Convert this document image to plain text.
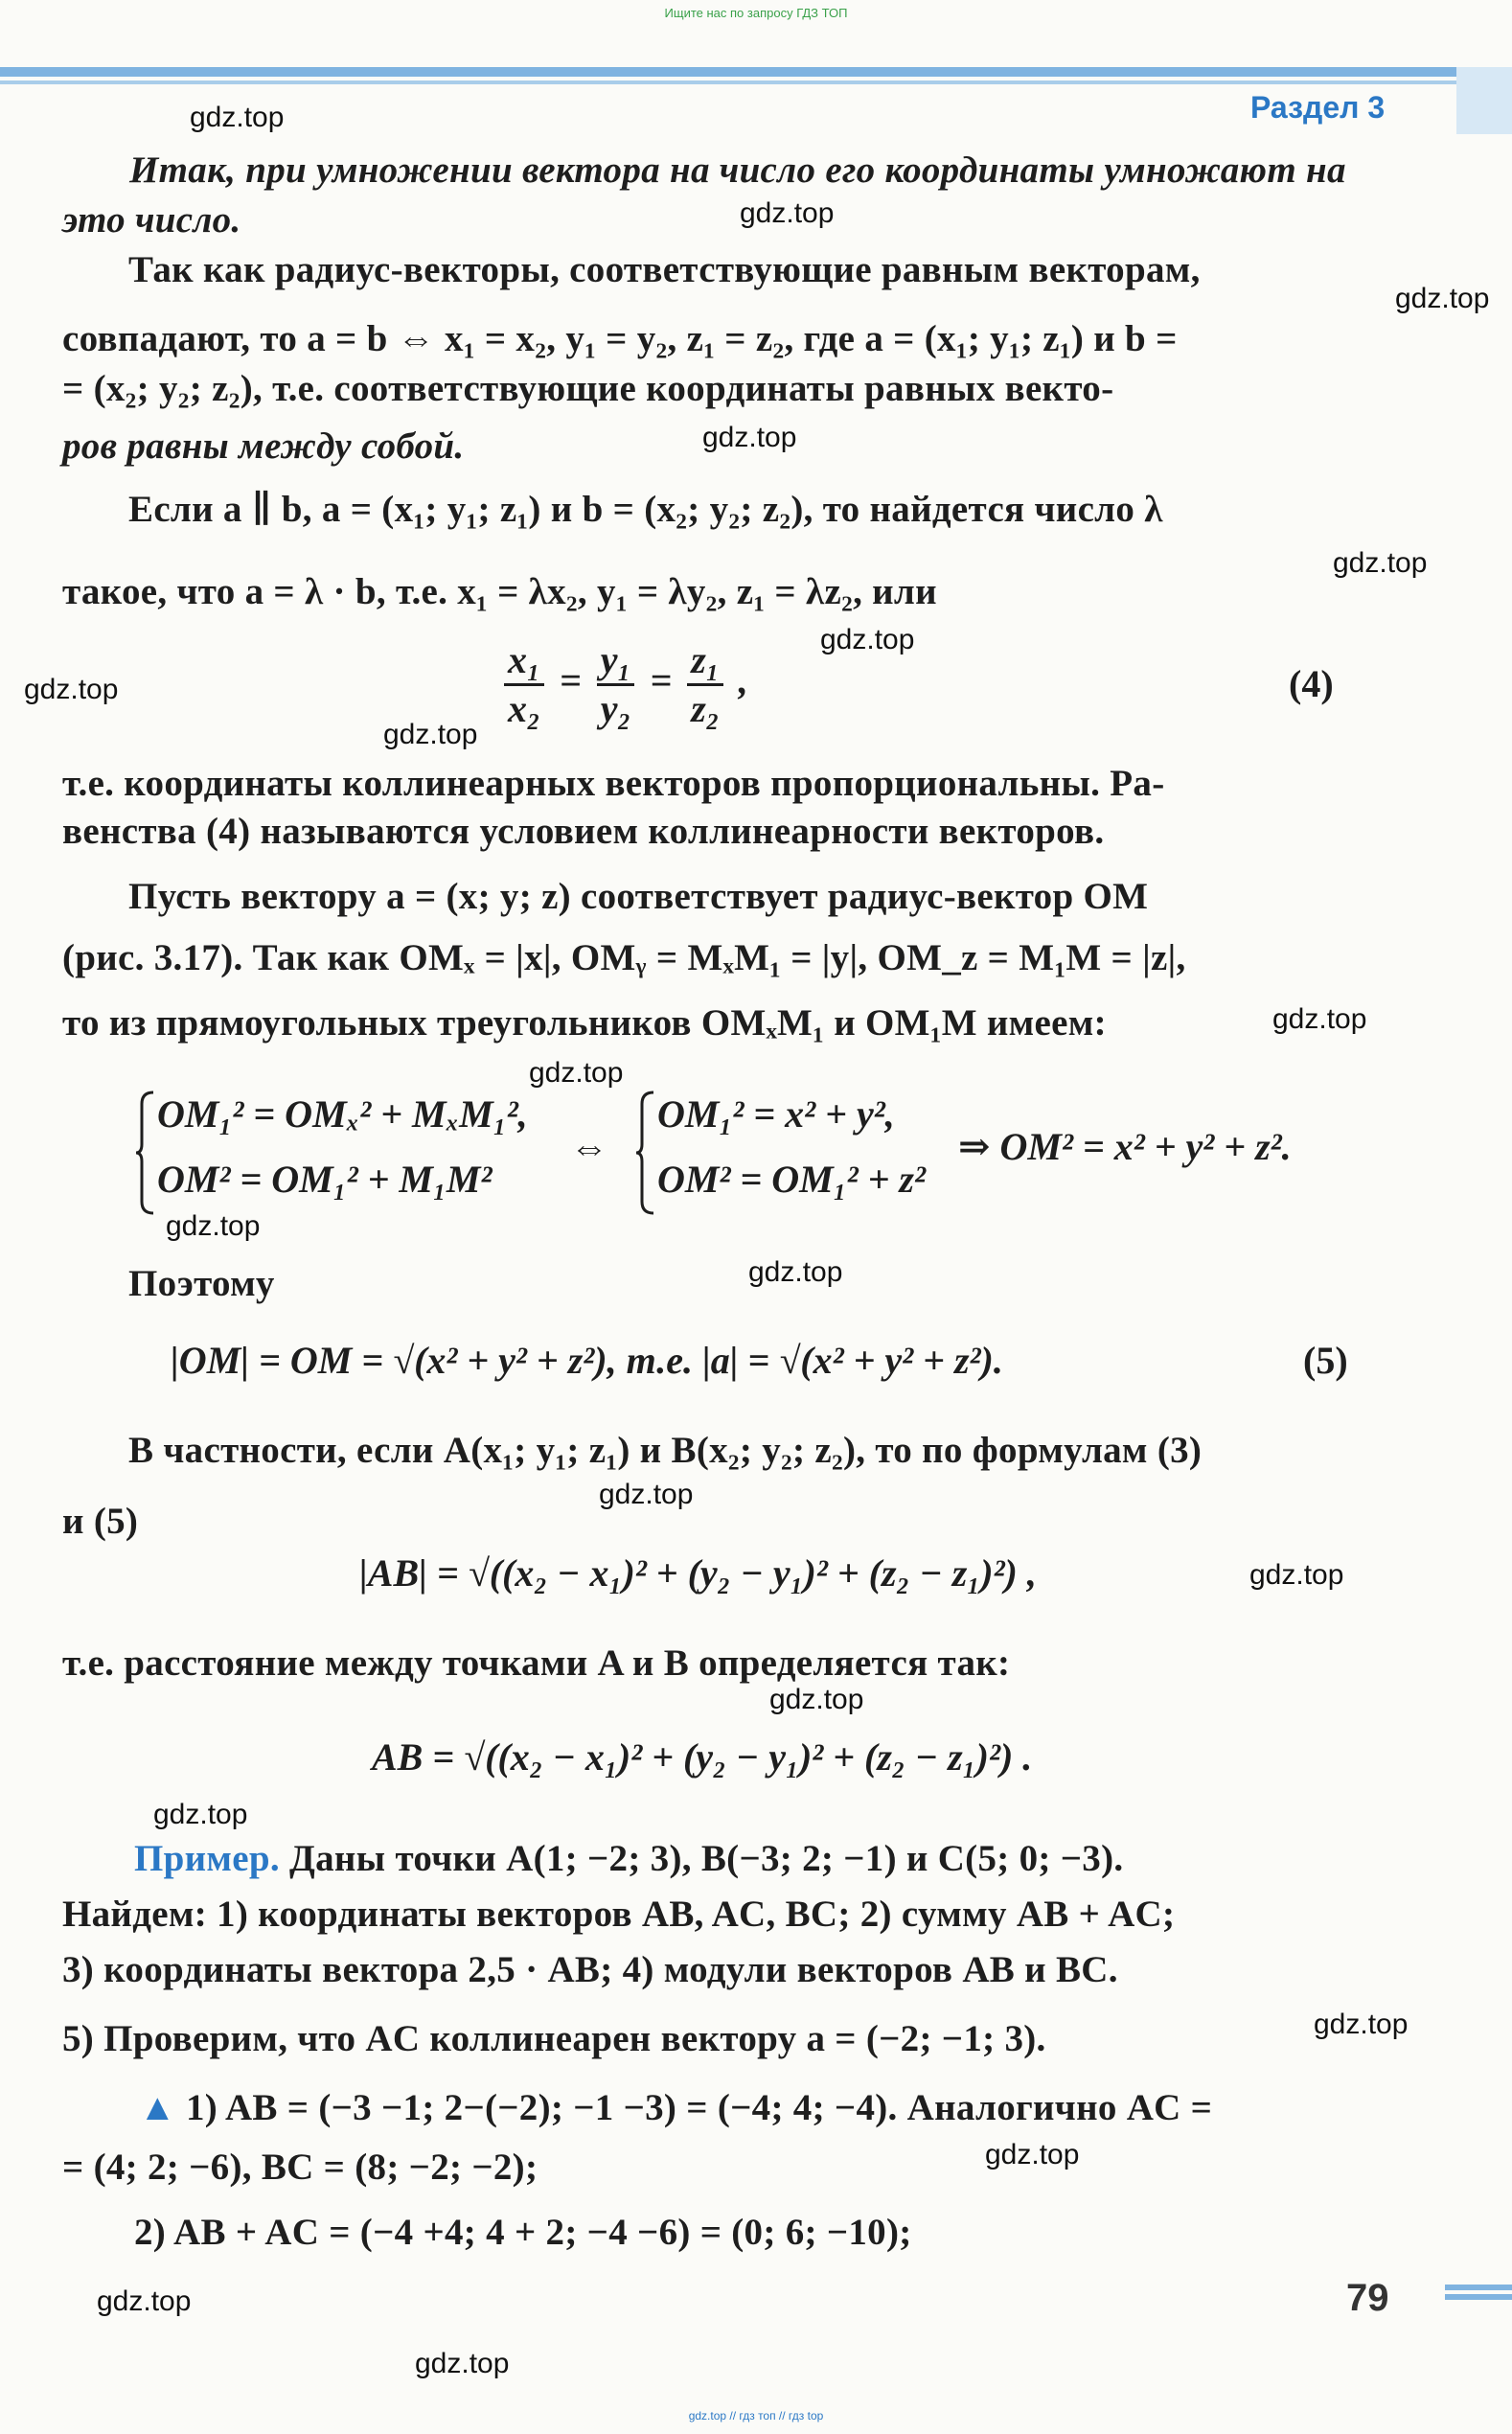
Ищите нас по запросу ГДЗ ТОП
Раздел 3
gdz.top
gdz.top
gdz.top
gdz.top
gdz.top
gdz.top
gdz.top
gdz.top
gdz.top
gdz.top
gdz.top
gdz.top
gdz.top
gdz.top
gdz.top
gdz.top
gdz.top
gdz.top
gdz.top
gdz.top
Итак, при умножении вектора на число его координаты умножают на это число.
Так как радиус-векторы, соответствующие равным векторам,
совпадают, то a = b ⇔ x₁ = x₂, y₁ = y₂, z₁ = z₂, где a = (x₁; y₁; z₁) и b =
= (x₂; y₂; z₂), т.е. соответствующие координаты равных векто-
ров равны между собой.
Если a ∥ b, a = (x₁; y₁; z₁) и b = (x₂; y₂; z₂), то найдется число λ
такое, что a = λ · b, т.е. x₁ = λx₂, y₁ = λy₂, z₁ = λz₂, или
$\frac{\text{x₁}}{\text{x₂}} = \frac{\text{y₁}}{\text{y₂}} = \frac{\text{z₁}}{\text{z₂}}$ ,	(4)
т.е. координаты коллинеарных векторов пропорциональны. Ра-
венства (4) называются условием коллинеарности векторов.
Пусть вектору a = (x; y; z) соответствует радиус-вектор OM
(рис. 3.17). Так как OMₓ = |x|, OMᵧ = MₓM₁ = |y|, OM_z = M₁M = |z|,
то из прямоугольных треугольников OMₓM₁ и OM₁M имеем:
OM₁² = OMₓ² + MₓM₁²,
OM² = OM₁² + M₁M²
⇔
OM₁² = x² + y²,
OM² = OM₁² + z²
⇒ OM² = x² + y² + z².
Поэтому
|OM| = OM = √(x² + y² + z²), т.е. |a| = √(x² + y² + z²).	(5)
В частности, если A(x₁; y₁; z₁) и B(x₂; y₂; z₂), то по формулам (3)
и (5)
|AB| = √((x₂ − x₁)² + (y₂ − y₁)² + (z₂ − z₁)²) ,
т.е. расстояние между точками A и B определяется так:
AB = √((x₂ − x₁)² + (y₂ − y₁)² + (z₂ − z₁)²) .
Пример. Даны точки A(1; −2; 3), B(−3; 2; −1) и C(5; 0; −3).
Найдем: 1) координаты векторов AB, AC, BC; 2) сумму AB + AC;
3) координаты вектора 2,5 · AB; 4) модули векторов AB и BC.
5) Проверим, что AC коллинеарен вектору a = (−2; −1; 3).
▲ 1) AB = (−3 −1; 2−(−2); −1 −3) = (−4; 4; −4). Аналогично AC =
= (4; 2; −6), BC = (8; −2; −2);
2) AB + AC = (−4 +4; 4 + 2; −4 −6) = (0; 6; −10);
79
gdz.top // гдз топ // гдз top
